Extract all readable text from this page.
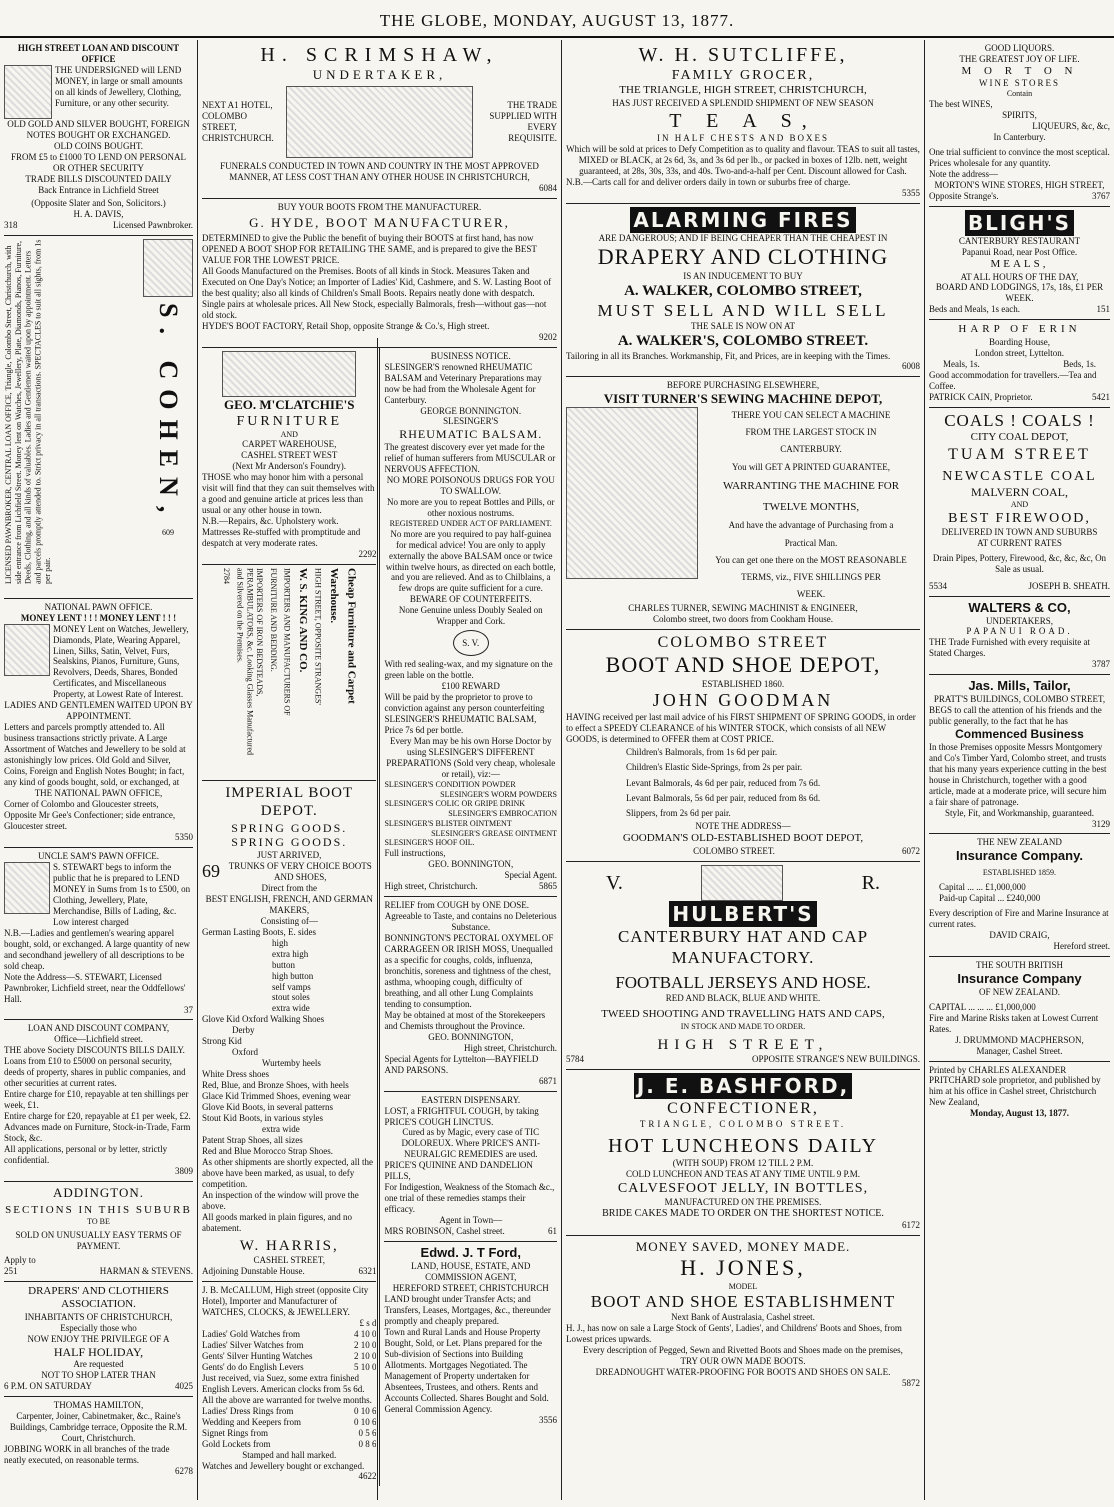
THE GLOBE, MONDAY, AUGUST 13, 1877.
HIGH STREET LOAN AND DISCOUNT OFFICE
THE UNDERSIGNED will LEND MONEY, in large or small amounts on all kinds of Jewellery, Clothing, Furniture, or any other security.
OLD GOLD AND SILVER BOUGHT, FOREIGN NOTES BOUGHT OR EXCHANGED.
OLD COINS BOUGHT.
FROM £5 to £1000 TO LEND ON PERSONAL OR OTHER SECURITY
TRADE BILLS DISCOUNTED DAILY
Back Entrance in Lichfield Street
(Opposite Slater and Son, Solicitors.)
H. A. DAVIS,
318	Licensed Pawnbroker.
LICENSED PAWNBROKER, CENTRAL LOAN OFFICE, Triangle, Colombo Street, Christchurch, with side entrance from Lichfield Street. Money lent on Watches, Jewellery, Plate, Diamonds, Pianos, Furniture, Deeds, Clothing, and all kinds of valuables. Ladies and Gentlemen waited upon by appointment. Letters and parcels promptly attended to. Strict privacy in all transactions. SPECTACLES to suit all sights, from 1s per pair.
S. COHEN,
609
NATIONAL PAWN OFFICE.
MONEY LENT ! ! ! MONEY LENT ! ! !
MONEY Lent on Watches, Jewellery, Diamonds, Plate, Wearing Apparel, Linen, Silks, Satin, Velvet, Furs, Sealskins, Pianos, Furniture, Guns, Revolvers, Deeds, Shares, Bonded Certificates, and Miscellaneous Property, at Lowest Rate of Interest.
LADIES AND GENTLEMEN WAITED UPON BY APPOINTMENT.
Letters and parcels promptly attended to. All business transactions strictly private. A Large Assortment of Watches and Jewellery to be sold at astonishingly low prices. Old Gold and Silver, Coins, Foreign and English Notes Bought; in fact, any kind of goods bought, sold, or exchanged, at
THE NATIONAL PAWN OFFICE,
Corner of Colombo and Gloucester streets, Opposite Mr Gee's Confectioner; side entrance, Gloucester street.
5350
UNCLE SAM'S PAWN OFFICE.
S. STEWART begs to inform the public that he is prepared to LEND MONEY in Sums from 1s to £500, on Clothing, Jewellery, Plate, Merchandise, Bills of Lading, &c. Low interest charged
N.B.—Ladies and gentlemen's wearing apparel bought, sold, or exchanged. A large quantity of new and secondhand jewellery of all descriptions to be sold cheap.
Note the Address—S. STEWART, Licensed Pawnbroker, Lichfield street, near the Oddfellows' Hall.
37
LOAN AND DISCOUNT COMPANY,
Office—Lichfield street.
THE above Society DISCOUNTS BILLS DAILY. Loans from £10 to £5000 on personal security, deeds of property, shares in public companies, and other securities at current rates.
Entire charge for £10, repayable at ten shillings per week, £1.
Entire charge for £20, repayable at £1 per week, £2.
Advances made on Furniture, Stock-in-Trade, Farm Stock, &c.
All applications, personal or by letter, strictly confidential.
3809
ADDINGTON.
SECTIONS IN THIS SUBURB
TO BE
SOLD ON UNUSUALLY EASY TERMS OF PAYMENT.
Apply to
251	HARMAN & STEVENS.
DRAPERS' AND CLOTHIERS ASSOCIATION.
INHABITANTS OF CHRISTCHURCH,
Especially those who
NOW ENJOY THE PRIVILEGE OF A
HALF HOLIDAY,
Are requested
NOT TO SHOP LATER THAN
6 P.M. ON SATURDAY	4025
THOMAS HAMILTON,
Carpenter, Joiner, Cabinetmaker, &c., Raine's Buildings, Cambridge terrace, Opposite the R.M. Court, Christchurch.
JOBBING WORK in all branches of the trade neatly executed, on reasonable terms.
6278
H. SCRIMSHAW,
UNDERTAKER,
NEXT A1 HOTEL, COLOMBO STREET, CHRISTCHURCH.
THE TRADE SUPPLIED WITH EVERY REQUISITE.
FUNERALS CONDUCTED IN TOWN AND COUNTRY IN THE MOST APPROVED MANNER, AT LESS COST THAN ANY OTHER HOUSE IN CHRISTCHURCH,
6084
BUY YOUR BOOTS FROM THE MANUFACTURER.
G. HYDE, BOOT MANUFACTURER,
DETERMINED to give the Public the benefit of buying their BOOTS at first hand, has now OPENED A BOOT SHOP FOR RETAILING THE SAME, and is prepared to give the BEST VALUE FOR THE LOWEST PRICE.
All Goods Manufactured on the Premises. Boots of all kinds in Stock. Measures Taken and Executed on One Day's Notice; an Importer of Ladies' Kid, Cashmere, and S. W. Lasting Boot of the best quality; also all kinds of Children's Small Boots. Repairs neatly done with despatch. Single pairs at wholesale prices. All New Stock, especially Balmorals, fresh—without gas—not old stock.
HYDE'S BOOT FACTORY, Retail Shop, opposite Strange & Co.'s, High street.
9202
GEO. M'CLATCHIE'S
FURNITURE
AND
CARPET WAREHOUSE,
CASHEL STREET WEST
(Next Mr Anderson's Foundry).
THOSE who may honor him with a personal visit will find that they can suit themselves with a good and genuine article at prices less than usual or any other house in town.
N.B.—Repairs, &c. Upholstery work. Mattresses Re-stuffed with promptitude and despatch at very moderate rates.
2292
2784	IMPORTERS OF IRON BEDSTEADS, PERAMBULATORS, &c. Looking Glasses Manufactured and Silvered on the Premises.	FURNITURE AND BEDDING. IMPORTERS AND MANUFACTURERS OF W. S. KING AND CO. HIGH STREET, OPPOSITE STRANGES' Warehouse. Cheap Furniture and Carpet
IMPERIAL BOOT DEPOT.
SPRING GOODS.
SPRING GOODS.
JUST ARRIVED,
69 TRUNKS OF VERY CHOICE BOOTS AND SHOES,
Direct from the
BEST ENGLISH, FRENCH, AND GERMAN MAKERS,
Consisting of—
German Lasting Boots, E. sides
high
extra high
button
high button
self vamps
stout soles
extra wide
Glove Kid Oxford Walking Shoes
Derby
Strong Kid
Oxford
Wurtemby heels
White Dress shoes
Red, Blue, and Bronze Shoes, with heels
Glace Kid Trimmed Shoes, evening wear
Glove Kid Boots, in several patterns
Stout Kid Boots, in various styles
extra wide
Patent Strap Shoes, all sizes
Red and Blue Morocco Strap Shoes.
As other shipments are shortly expected, all the above have been marked, as usual, to defy competition.
An inspection of the window will prove the above.
All goods marked in plain figures, and no abatement.
W. HARRIS,
CASHEL STREET,
Adjoining Dunstable House.	6321
J. B. McCALLUM, High street (opposite City Hotel), Importer and Manufacturer of WATCHES, CLOCKS, & JEWELLERY.
£ s d
Ladies' Gold Watches from	4 10 0
Ladies' Silver Watches from	2 10 0
Gents' Silver Hunting Watches	2 10 0
Gents' do do English Levers	5 10 0
Just received, via Suez, some extra finished English Levers. American clocks from 5s 6d. All the above are warranted for twelve months.
Ladies' Dress Rings from	0 10 6
Wedding and Keepers from	0 10 6
Signet Rings from	0 5 6
Gold Lockets from	0 8 6
Stamped and hall marked.
Watches and Jewellery bought or exchanged.
4622
BUSINESS NOTICE.
SLESINGER'S renowned RHEUMATIC BALSAM and Veterinary Preparations may now be had from the Wholesale Agent for Canterbury.
GEORGE BONNINGTON.
SLESINGER'S
RHEUMATIC BALSAM.
The greatest discovery ever yet made for the relief of human sufferers from MUSCULAR or NERVOUS AFFECTION.
NO MORE POISONOUS DRUGS FOR YOU TO SWALLOW.
No more are you to repeat Bottles and Pills, or other noxious nostrums.
REGISTERED UNDER ACT OF PARLIAMENT.
No more are you required to pay half-guinea for medical advice! You are only to apply externally the above BALSAM once or twice within twelve hours, as directed on each bottle, and you are relieved. And as to Chilblains, a few drops are quite sufficient for a cure.
BEWARE OF COUNTERFEITS.
None Genuine unless Doubly Sealed on Wrapper and Cork.
S. V.
With red sealing-wax, and my signature on the green lable on the bottle.
£100 REWARD
Will be paid by the proprietor to prove to conviction against any person counterfeiting SLESINGER'S RHEUMATIC BALSAM, Price 7s 6d per bottle.
Every Man may be his own Horse Doctor by using SLESINGER'S DIFFERENT PREPARATIONS (Sold very cheap, wholesale or retail), viz:—
SLESINGER'S CONDITION POWDER
SLESINGER'S WORM POWDERS
SLESINGER'S COLIC OR GRIPE DRINK
SLESINGER'S EMBROCATION
SLESINGER'S BLISTER OINTMENT
SLESINGER'S GREASE OINTMENT
SLESINGER'S HOOF OIL.
Full instructions,
GEO. BONNINGTON,
Special Agent.
High street, Christchurch.	5865
RELIEF from COUGH by ONE DOSE.
Agreeable to Taste, and contains no Deleterious Substance.
BONNINGTON'S PECTORAL OXYMEL OF CARRAGEEN OR IRISH MOSS, Unequalled as a specific for coughs, colds, influenza, bronchitis, soreness and tightness of the chest, asthma, whooping cough, difficulty of breathing, and all other Lung Complaints tending to consumption.
May be obtained at most of the Storekeepers and Chemists throughout the Province.
GEO. BONNINGTON,
High street, Christchurch.
Special Agents for Lyttelton—BAYFIELD AND PARSONS.
6871
EASTERN DISPENSARY.
LOST, a FRIGHTFUL COUGH, by taking PRICE'S COUGH LINCTUS.
Cured as by Magic, every case of TIC DOLOREUX. Where PRICE'S ANTI-NEURALGIC REMEDIES are used.
PRICE'S QUININE AND DANDELION PILLS,
For Indigestion, Weakness of the Stomach &c., one trial of these remedies stamps their efficacy.
Agent in Town—
MRS ROBINSON, Cashel street.	61
Edwd. J. T Ford,
LAND, HOUSE, ESTATE, AND COMMISSION AGENT,
HEREFORD STREET, CHRISTCHURCH
LAND brought under Transfer Acts; and Transfers, Leases, Mortgages, &c., thereunder promptly and cheaply prepared.
Town and Rural Lands and House Property Bought, Sold, or Let. Plans prepared for the Sub-division of Sections into Building Allotments. Mortgages Negotiated. The Management of Property undertaken for Absentees, Trustees, and others. Rents and Accounts Collected. Shares Bought and Sold. General Commission Agency.
3556
W. H. SUTCLIFFE,
FAMILY GROCER,
THE TRIANGLE, HIGH STREET, CHRISTCHURCH,
HAS JUST RECEIVED A SPLENDID SHIPMENT OF NEW SEASON
T E A S,
IN HALF CHESTS AND BOXES
Which will be sold at prices to Defy Competition as to quality and flavour. TEAS to suit all tastes, MIXED or BLACK, at 2s 6d, 3s, and 3s 6d per lb., or packed in boxes of 12lb. nett, weight guaranteed, at 28s, 30s, 33s, and 40s. Two-and-a-half per Cent. Discount allowed for Cash.
N.B.—Carts call for and deliver orders daily in town or suburbs free of charge.
5355
ALARMING FIRES
ARE DANGEROUS; AND IF BEING CHEAPER THAN THE CHEAPEST IN
DRAPERY AND CLOTHING
IS AN INDUCEMENT TO BUY
A. WALKER, COLOMBO STREET,
MUST SELL AND WILL SELL
THE SALE IS NOW ON AT
A. WALKER'S, COLOMBO STREET.
Tailoring in all its Branches. Workmanship, Fit, and Prices, are in keeping with the Times.
6008
BEFORE PURCHASING ELSEWHERE,
VISIT TURNER'S SEWING MACHINE DEPOT,
THERE YOU CAN SELECT A MACHINE
FROM THE LARGEST STOCK IN
CANTERBURY.
You will GET A PRINTED GUARANTEE,
WARRANTING THE MACHINE FOR
TWELVE MONTHS,
And have the advantage of Purchasing from a
Practical Man.
You can get one there on the MOST REASONABLE
TERMS, viz., FIVE SHILLINGS PER
WEEK.
CHARLES TURNER, SEWING MACHINIST & ENGINEER,
Colombo street, two doors from Cookham House.
COLOMBO STREET
BOOT AND SHOE DEPOT,
ESTABLISHED 1860.
JOHN GOODMAN
HAVING received per last mail advice of his FIRST SHIPMENT OF SPRING GOODS, in order to effect a SPEEDY CLEARANCE of his WINTER STOCK, which consists of all NEW GOODS, is determined to OFFER them at COST PRICE.
Children's Balmorals, from 1s 6d per pair.
Children's Elastic Side-Springs, from 2s per pair.
Levant Balmorals, 4s 6d per pair, reduced from 7s 6d.
Levant Balmorals, 5s 6d per pair, reduced from 8s 6d.
Slippers, from 2s 6d per pair.
NOTE THE ADDRESS—
GOODMAN'S OLD-ESTABLISHED BOOT DEPOT,
COLOMBO STREET.	6072
V.	R.
HULBERT'S
CANTERBURY HAT AND CAP
MANUFACTORY.
FOOTBALL JERSEYS AND HOSE.
RED AND BLACK, BLUE AND WHITE.
TWEED SHOOTING AND TRAVELLING HATS AND CAPS,
IN STOCK AND MADE TO ORDER.
HIGH STREET,
5784	OPPOSITE STRANGE'S NEW BUILDINGS.
J. E. BASHFORD,
CONFECTIONER,
TRIANGLE, COLOMBO STREET.
HOT LUNCHEONS DAILY
(WITH SOUP) FROM 12 TILL 2 P.M.
COLD LUNCHEON AND TEAS AT ANY TIME UNTIL 9 P.M.
CALVESFOOT JELLY, IN BOTTLES,
MANUFACTURED ON THE PREMISES.
BRIDE CAKES MADE TO ORDER ON THE SHORTEST NOTICE.
6172
MONEY SAVED, MONEY MADE.
H. JONES,
MODEL
BOOT AND SHOE ESTABLISHMENT
Next Bank of Australasia, Cashel street.
H. J., has now on sale a Large Stock of Gents', Ladies', and Childrens' Boots and Shoes, from Lowest prices upwards.
Every description of Pegged, Sewn and Rivetted Boots and Shoes made on the premises,
TRY OUR OWN MADE BOOTS.
DREADNOUGHT WATER-PROOFING FOR BOOTS AND SHOES ON SALE.
5872
GOOD LIQUORS.
THE GREATEST JOY OF LIFE.
M O R T O N
WINE STORES
Contain
The best WINES,
SPIRITS,
LIQUEURS, &c, &c,
In Canterbury.
One trial sufficient to convince the most sceptical.
Prices wholesale for any quantity.
Note the address—
MORTON'S WINE STORES, HIGH STREET,
Opposite Strange's.	3767
BLIGH'S
CANTERBURY RESTAURANT
Papanui Road, near Post Office.
MEALS,
AT ALL HOURS OF THE DAY,
BOARD AND LODGINGS, 17s, 18s, £1 PER WEEK.
Beds and Meals, 1s each.	151
HARP OF ERIN
Boarding House,
London street, Lyttelton.
Meals, 1s.	Beds, 1s.
Good accommodation for travellers.—Tea and Coffee.
PATRICK CAIN, Proprietor.	5421
COALS ! COALS !
CITY COAL DEPOT,
TUAM STREET
NEWCASTLE COAL
MALVERN COAL,
AND
BEST FIREWOOD,
DELIVERED IN TOWN AND SUBURBS
AT CURRENT RATES
Drain Pipes, Pottery, Firewood, &c, &c, &c, On Sale as usual.
5534	JOSEPH B. SHEATH.
WALTERS & CO,
UNDERTAKERS,
PAPANUI ROAD.
THE Trade Furnished with every requisite at Stated Charges.
3787
Jas. Mills, Tailor,
PRATT'S BUILDINGS, COLOMBO STREET,
BEGS to call the attention of his friends and the public generally, to the fact that he has
Commenced Business
In those Premises opposite Messrs Montgomery and Co's Timber Yard, Colombo street, and trusts that his many years experience cutting in the best house in Christchurch, together with a good article, made at a moderate price, will secure him a fair share of patronage.
Style, Fit, and Workmanship, guaranteed.
3129
THE NEW ZEALAND
Insurance Company.
ESTABLISHED 1859.
Capital ... ... £1,000,000
Paid-up Capital ... £240,000
Every description of Fire and Marine Insurance at current rates.
DAVID CRAIG,
Hereford street.
THE SOUTH BRITISH
Insurance Company
OF NEW ZEALAND.
CAPITAL ... ... ... £1,000,000
Fire and Marine Risks taken at Lowest Current Rates.
J. DRUMMOND MACPHERSON,
Manager, Cashel Street.
Printed by CHARLES ALEXANDER PRITCHARD sole proprietor, and published by him at his office in Cashel street, Christchurch New Zealand,
Monday, August 13, 1877.
